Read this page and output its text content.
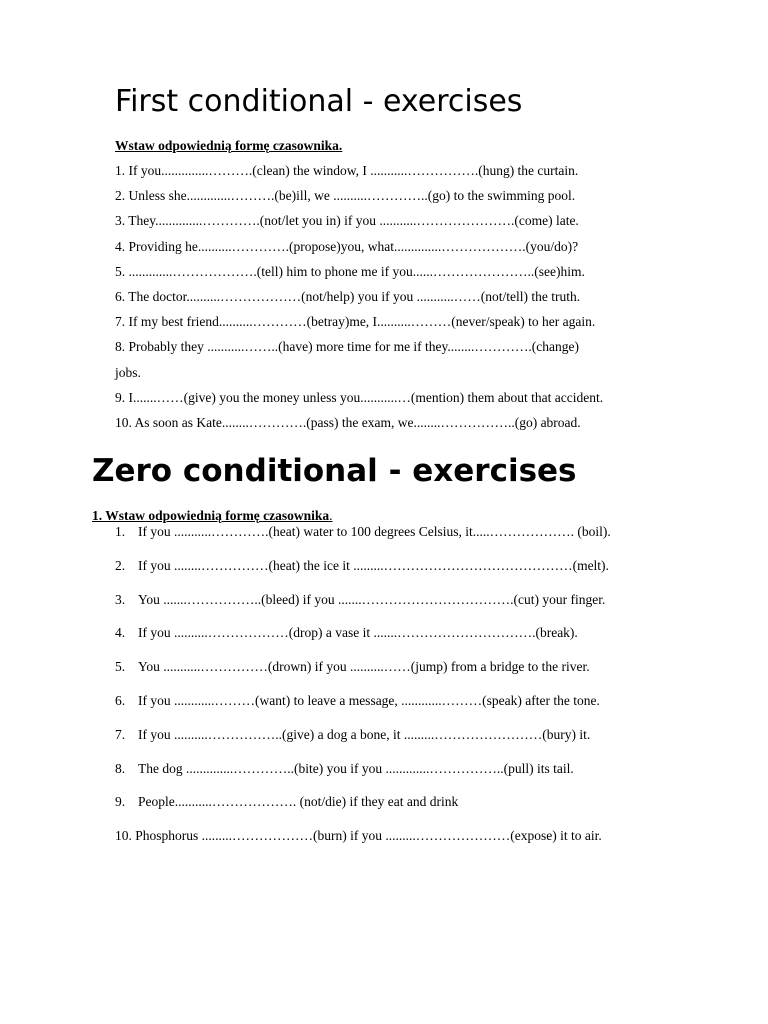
First conditional - exercises
Wstaw odpowiednią formę czasownika.
1. If you..............……….(clean) the window, I ...........…………….(hung) the curtain.
2. Unless she.............……….(be)ill, we ..........…………..(go) to the swimming pool.
3. They..............………….(not/let you in) if you ...........………………….(come) late.
4. Providing he..........………….(propose)you, what..............……………….(you/do)?
5. .............……………….(tell) him to phone me if you......…………………..(see)him.
6. The doctor..........………………(not/help) you if you ...........……(not/tell) the truth.
7. If my best friend..........…………(betray)me, I..........………(never/speak) to her again.
8. Probably they ...........……..(have) more time for me if they........………….(change)
jobs.
9. I.......……(give) you the money unless you...........…(mention) them about that accident.
10. As soon as Kate........………….(pass) the exam, we........……………..(go) abroad.
Zero conditional - exercises
1. Wstaw odpowiednią formę czasownika.
1. If you ...........………….(heat) water to 100 degrees Celsius, it.....………………. (boil).
2. If you ........……………(heat) the ice it .........……………………………………(melt).
3. You .......……………..(bleed) if you .......…………………………….(cut) your finger.
4. If you ..........………………(drop) a vase it .......………………………….(break).
5. You ...........……………(drown) if you ..........……(jump) from a bridge to the river.
6. If you ............………(want) to leave a message, ............………(speak) after the tone.
7. If you ..........……………..(give) a dog a bone, it .........……………………(bury) it.
8. The dog ..............…………..(bite) you if you .............……………..(pull) its tail.
9. People...........………………. (not/die) if they eat and drink
10. Phosphorus .........………………(burn) if you .........…………………(expose) it to air.
